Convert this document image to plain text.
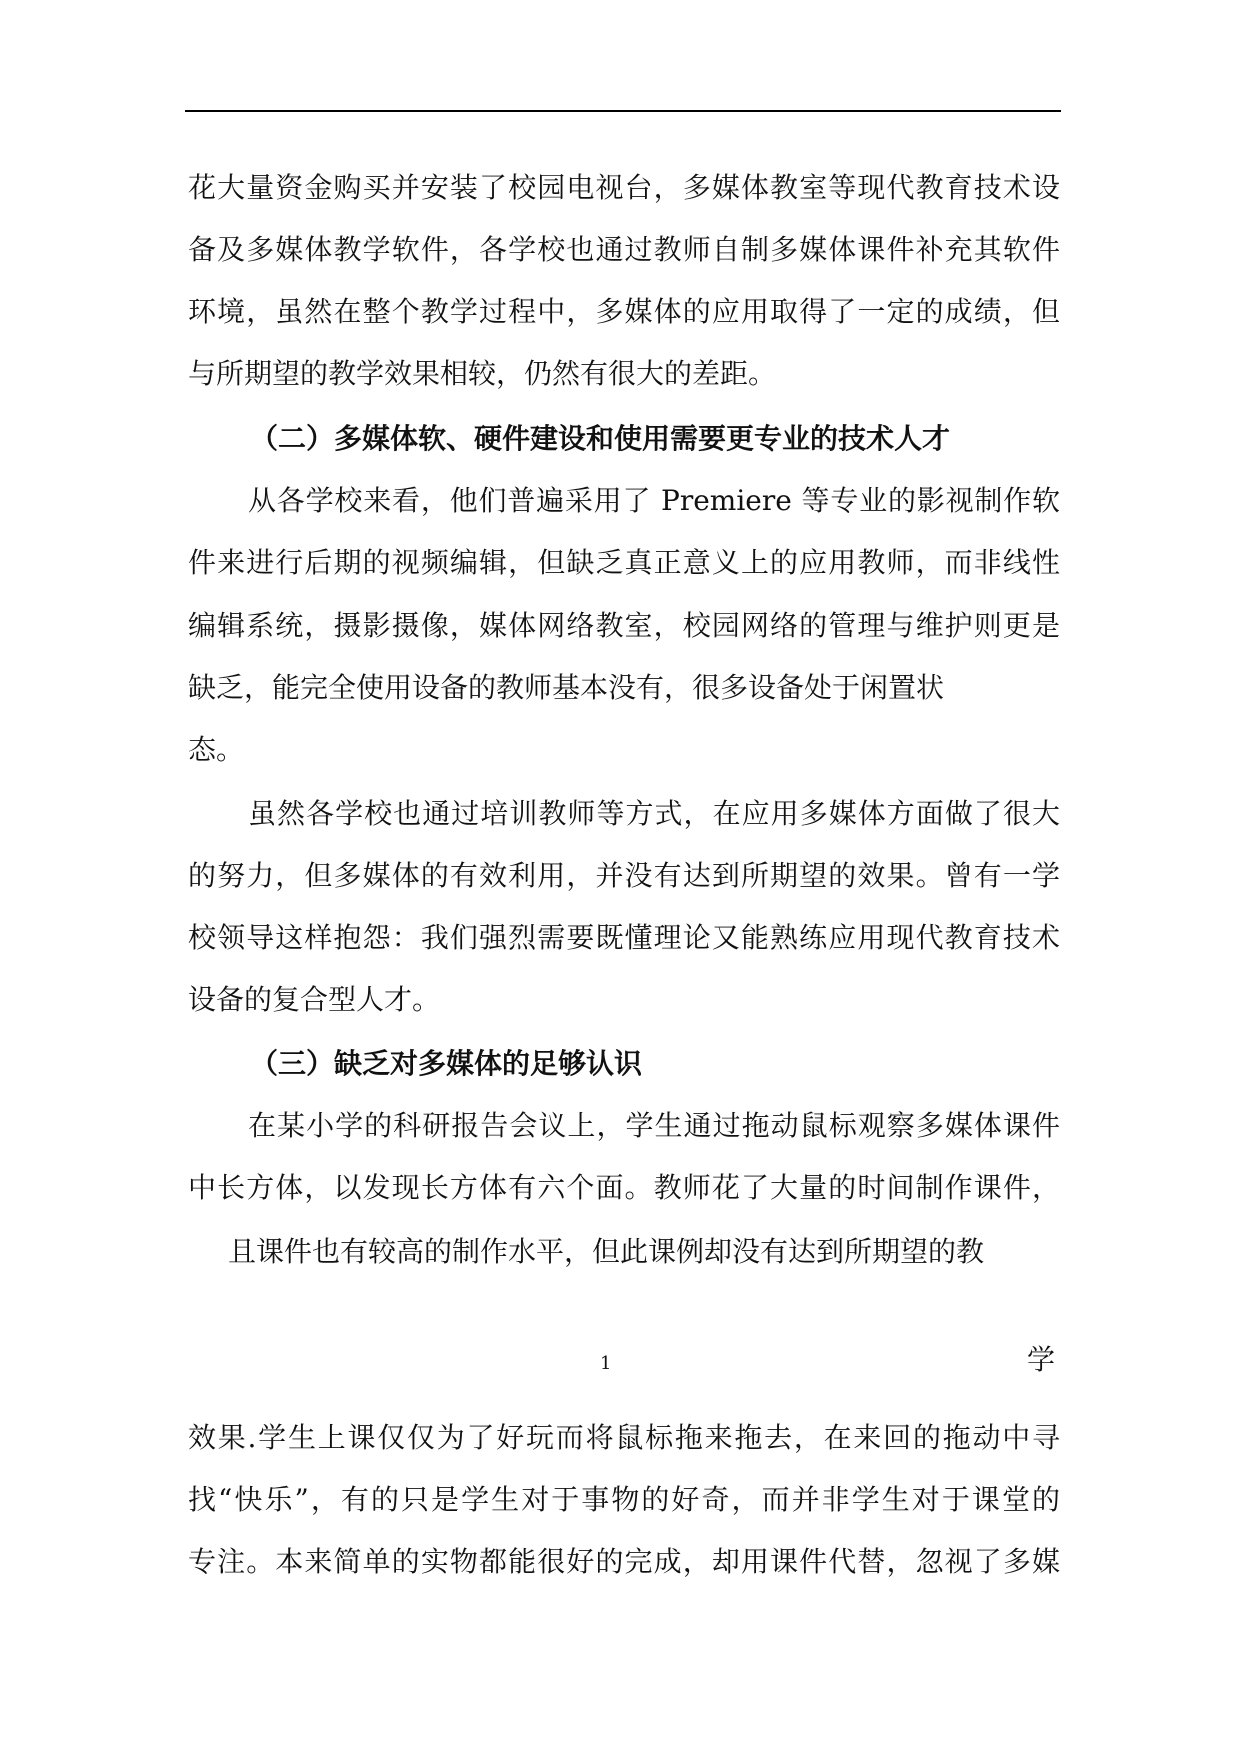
花大量资金购买并安装了校园电视台，多媒体教室等现代教育技术设
备及多媒体教学软件，各学校也通过教师自制多媒体课件补充其软件
环境，虽然在整个教学过程中，多媒体的应用取得了一定的成绩，但
与所期望的教学效果相较，仍然有很大的差距。
（二）多媒体软、硬件建设和使用需要更专业的技术人才
从各学校来看，他们普遍采用了 Premiere 等专业的影视制作软
件来进行后期的视频编辑，但缺乏真正意义上的应用教师，而非线性
编辑系统，摄影摄像，媒体网络教室，校园网络的管理与维护则更是
缺乏，能完全使用设备的教师基本没有，很多设备处于闲置状
态。
虽然各学校也通过培训教师等方式，在应用多媒体方面做了很大
的努力，但多媒体的有效利用，并没有达到所期望的效果。曾有一学
校领导这样抱怨：我们强烈需要既懂理论又能熟练应用现代教育技术
设备的复合型人才。
（三）缺乏对多媒体的足够认识
在某小学的科研报告会议上，学生通过拖动鼠标观察多媒体课件
中长方体，以发现长方体有六个面。教师花了大量的时间制作课件，
且课件也有较高的制作水平，但此课例却没有达到所期望的教
1	学
效果.学生上课仅仅为了好玩而将鼠标拖来拖去，在来回的拖动中寻
找“快乐”，有的只是学生对于事物的好奇，而并非学生对于课堂的
专注。本来简单的实物都能很好的完成，却用课件代替，忽视了多媒
